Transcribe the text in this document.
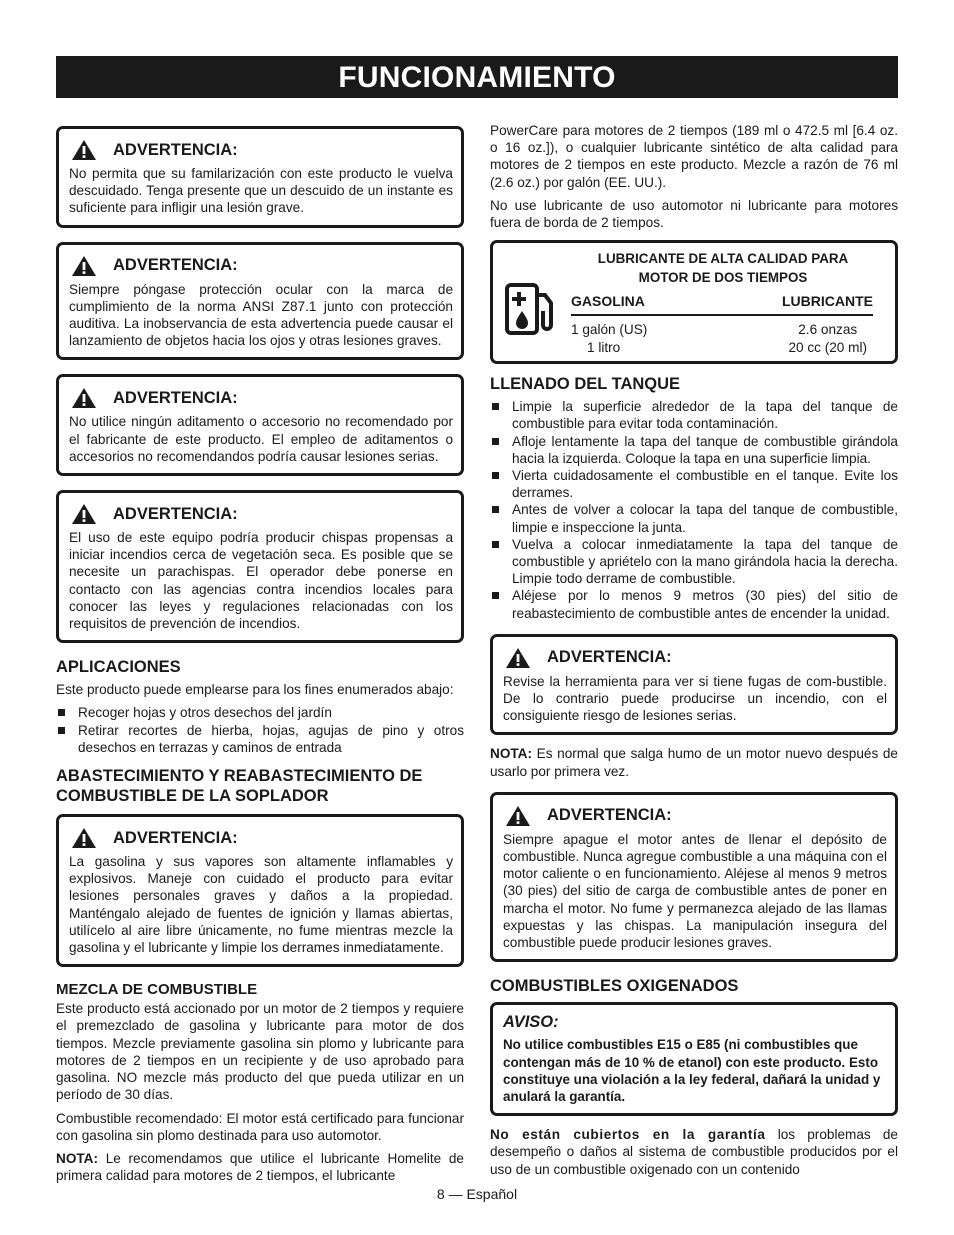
FUNCIONAMIENTO
ADVERTENCIA:
No permita que su familarización con este producto le vuelva descuidado. Tenga presente que un descuido de un instante es suficiente para infligir una lesión grave.
ADVERTENCIA:
Siempre póngase protección ocular con la marca de cumplimiento de la norma ANSI Z87.1 junto con protección auditiva. La inobservancia de esta advertencia puede causar el lanzamiento de objetos hacia los ojos y otras lesiones graves.
ADVERTENCIA:
No utilice ningún aditamento o accesorio no recomendado por el fabricante de este producto. El empleo de aditamentos o accesorios no recomendandos podría causar lesiones serias.
ADVERTENCIA:
El uso de este equipo podría producir chispas propensas a iniciar incendios cerca de vegetación seca. Es posible que se necesite un parachispas. El operador debe ponerse en contacto con las agencias contra incendios locales para conocer las leyes y regulaciones relacionadas con los requisitos de prevención de incendios.
APLICACIONES

Este producto puede emplearse para los fines enumerados abajo:

Recoger hojas y otros desechos del jardín
Retirar recortes de hierba, hojas, agujas de pino y otros desechos en terrazas y caminos de entrada
ABASTECIMIENTO Y REABASTECIMIENTO DE COMBUSTIBLE DE LA SOPLADOR
ADVERTENCIA:
La gasolina y sus vapores son altamente inflamables y explosivos. Maneje con cuidado el producto para evitar lesiones personales graves y daños a la propiedad. Manténgalo alejado de fuentes de ignición y llamas abiertas, utilícelo al aire libre únicamente, no fume mientras mezcle la gasolina y el lubricante y limpie los derrames inmediatamente.
MEZCLA DE COMBUSTIBLE

Este producto está accionado por un motor de 2 tiempos y requiere el premezclado de gasolina y lubricante para motor de dos tiempos. Mezcle previamente gasolina sin plomo y lubricante para motores de 2 tiempos en un recipiente y de uso aprobado para gasolina. NO mezcle más producto del que pueda utilizar en un período de 30 días.

Combustible recomendado: El motor está certificado para funcionar con gasolina sin plomo destinada para uso automotor.

NOTA: Le recomendamos que utilice el lubricante Homelite de primera calidad para motores de 2 tiempos, el lubricante

PowerCare para motores de 2 tiempos (189 ml o 472.5 ml [6.4 oz. o 16 oz.]), o cualquier lubricante sintético de alta calidad para motores de 2 tiempos en este producto. Mezcle a razón de 76 ml (2.6 oz.) por galón (EE. UU.).

No use lubricante de uso automotor ni lubricante para motores fuera de borda de 2 tiempos.

LUBRICANTE DE ALTA CALIDAD PARA MOTOR DE DOS TIEMPOS
GASOLINA	LUBRICANTE
1 galón (US)
1 litro
2.6 onzas
20 cc (20 ml)
LLENADO DEL TANQUE
Limpie la superficie alrededor de la tapa del tanque de combustible para evitar toda contaminación.
Afloje lentamente la tapa del tanque de combustible girándola hacia la izquierda. Coloque la tapa en una superficie limpia.
Vierta cuidadosamente el combustible en el tanque. Evite los derrames.
Antes de volver a colocar la tapa del tanque de combustible, limpie e inspeccione la junta.
Vuelva a colocar inmediatamente la tapa del tanque de combustible y apriételo con la mano girándola hacia la derecha. Limpie todo derrame de combustible.
Aléjese por lo menos 9 metros (30 pies) del sitio de reabastecimiento de combustible antes de encender la unidad.
ADVERTENCIA:
Revise la herramienta para ver si tiene fugas de com-bustible. De lo contrario puede producirse un incendio, con el consiguiente riesgo de lesiones serias.

NOTA: Es normal que salga humo de un motor nuevo después de usarlo por primera vez.

ADVERTENCIA:
Siempre apague el motor antes de llenar el depósito de combustible. Nunca agregue combustible a una máquina con el motor caliente o en funcionamiento. Aléjese al menos 9 metros (30 pies) del sitio de carga de combustible antes de poner en marcha el motor. No fume y permanezca alejado de las llamas expuestas y las chispas. La manipulación insegura del combustible puede producir lesiones graves.
COMBUSTIBLES OXIGENADOS
AVISO:
No utilice combustibles E15 o E85 (ni combustibles que contengan más de 10 % de etanol) con este producto. Esto constituye una violación a la ley federal, dañará la unidad y anulará la garantía.

No están cubiertos en la garantía los problemas de desempeño o daños al sistema de combustible producidos por el uso de un combustible oxigenado con un contenido

8 — Español
